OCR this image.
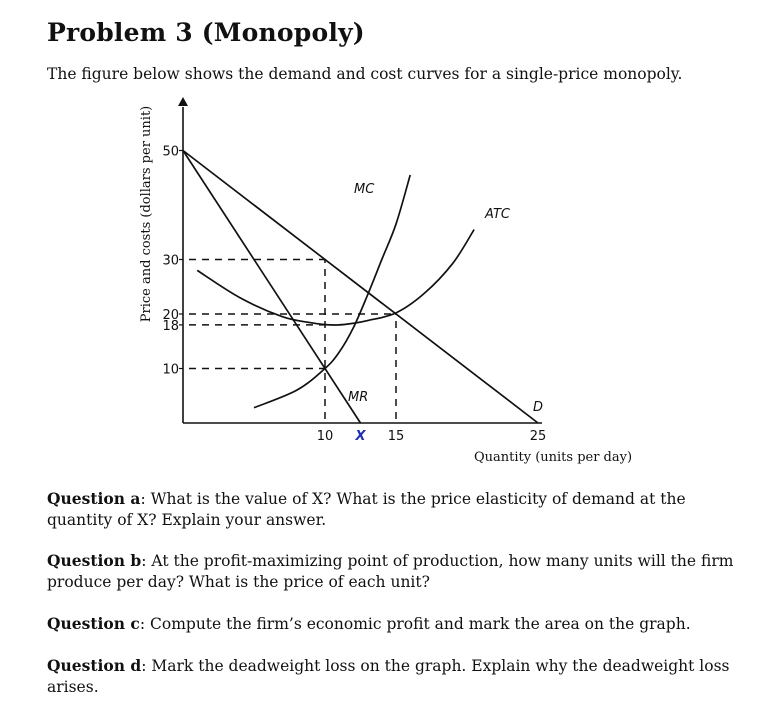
Problem 3 (Monopoly)

The figure below shows the demand and cost curves for a single-price monopoly.

Price and costs (dollars per unit)
Quantity (units per day)
MC
ATC
MR
D
50
30
20
18
10
10 X 15	25

Question a: What is the value of X? What is the price elasticity of demand at the quantity of X? Explain your answer.

Question b: At the profit-maximizing point of production, how many units will the firm produce per day? What is the price of each unit?

Question c: Compute the firm’s economic profit and mark the area on the graph.

Question d: Mark the deadweight loss on the graph. Explain why the deadweight loss arises.
